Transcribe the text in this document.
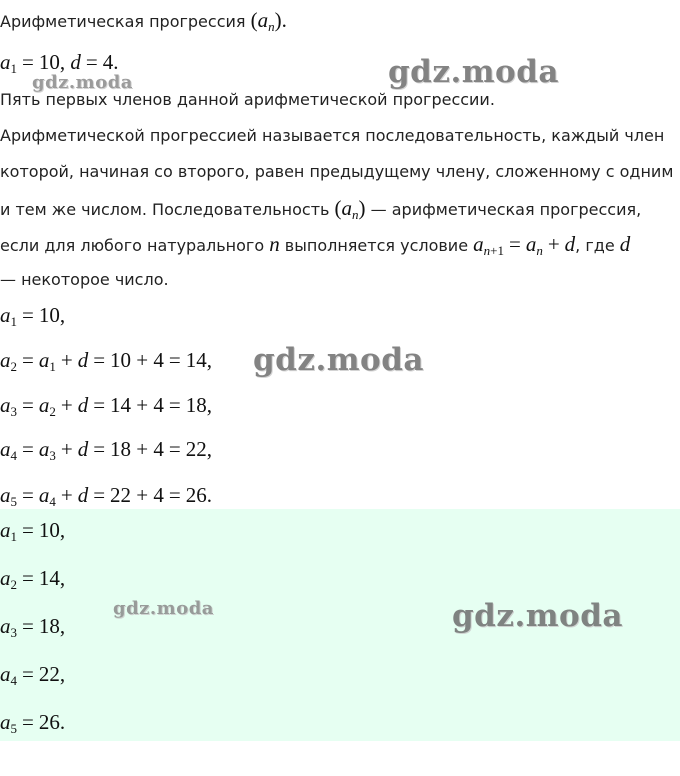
Арифметическая прогрессия $(a_n)$.
$a_1 = 10$, d = 4.
Пять первых членов данной арифметической прогрессии.
Арифметической прогрессией называется последовательность, каждый член
которой, начиная со второго, равен предыдущему члену, сложенному с одним
и тем же числом. Последовательность $(a_n)$ — арифметическая прогрессия,
если для любого натурального n выполняется условие $a_{n+1} = a_n + d$, где d
— некоторое число.
$a_1 = 10$,
$a_2 = a_1 + d = 10 + 4 = 14$,
$a_3 = a_2 + d = 14 + 4 = 18$,
$a_4 = a_3 + d = 18 + 4 = 22$,
$a_5 = a_4 + d = 22 + 4 = 26$.
$a_1 = 10$,
$a_2 = 14$,
$a_3 = 18$,
$a_4 = 22$,
$a_5 = 26$.
gdz.moda	gdz.moda
gdz.moda
gdz.moda	gdz.moda
